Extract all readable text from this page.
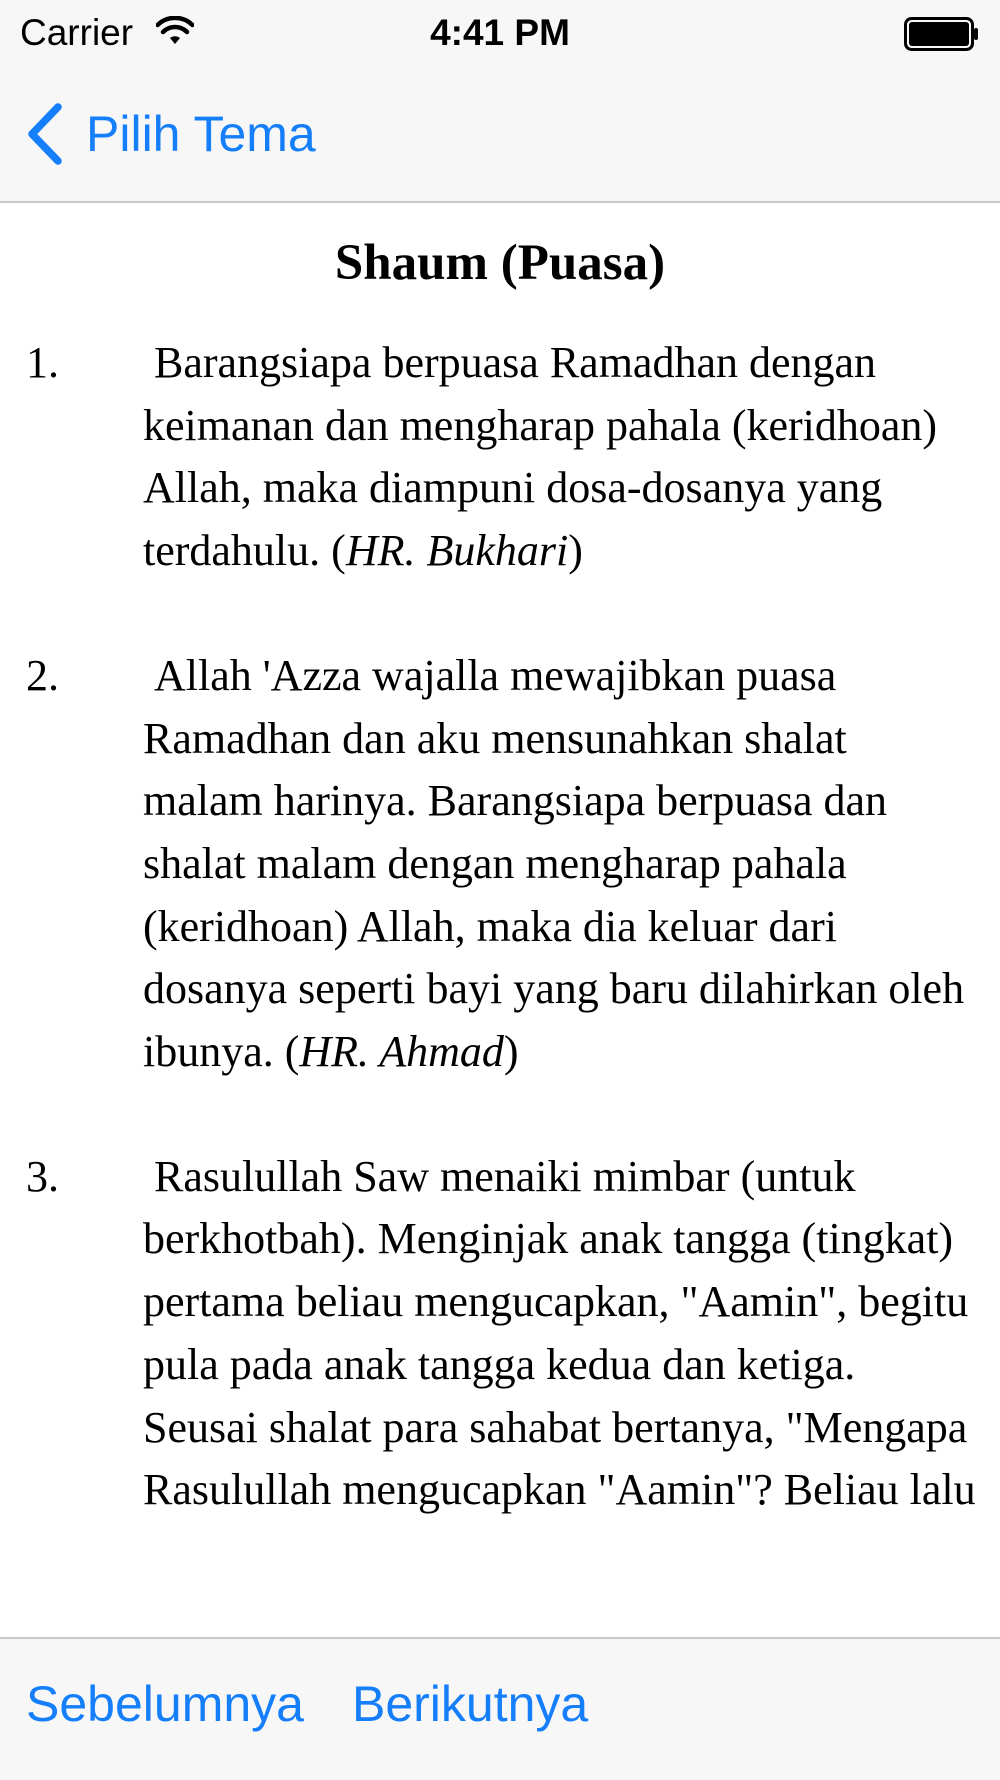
Carrier	4:41 PM
Pilih Tema
Shaum (Puasa)
1. Barangsiapa berpuasa Ramadhan dengan keimanan dan mengharap pahala (keridhoan) Allah, maka diampuni dosa-dosanya yang terdahulu. (HR. Bukhari)
2. Allah 'Azza wajalla mewajibkan puasa Ramadhan dan aku mensunahkan shalat malam harinya. Barangsiapa berpuasa dan shalat malam dengan mengharap pahala (keridhoan) Allah, maka dia keluar dari dosanya seperti bayi yang baru dilahirkan oleh ibunya. (HR. Ahmad)
3. Rasulullah Saw menaiki mimbar (untuk berkhotbah). Menginjak anak tangga (tingkat) pertama beliau mengucapkan, "Aamin", begitu pula pada anak tangga kedua dan ketiga. Seusai shalat para sahabat bertanya, "Mengapa Rasulullah mengucapkan "Aamin"? Beliau lalu
Sebelumnya Berikutnya
